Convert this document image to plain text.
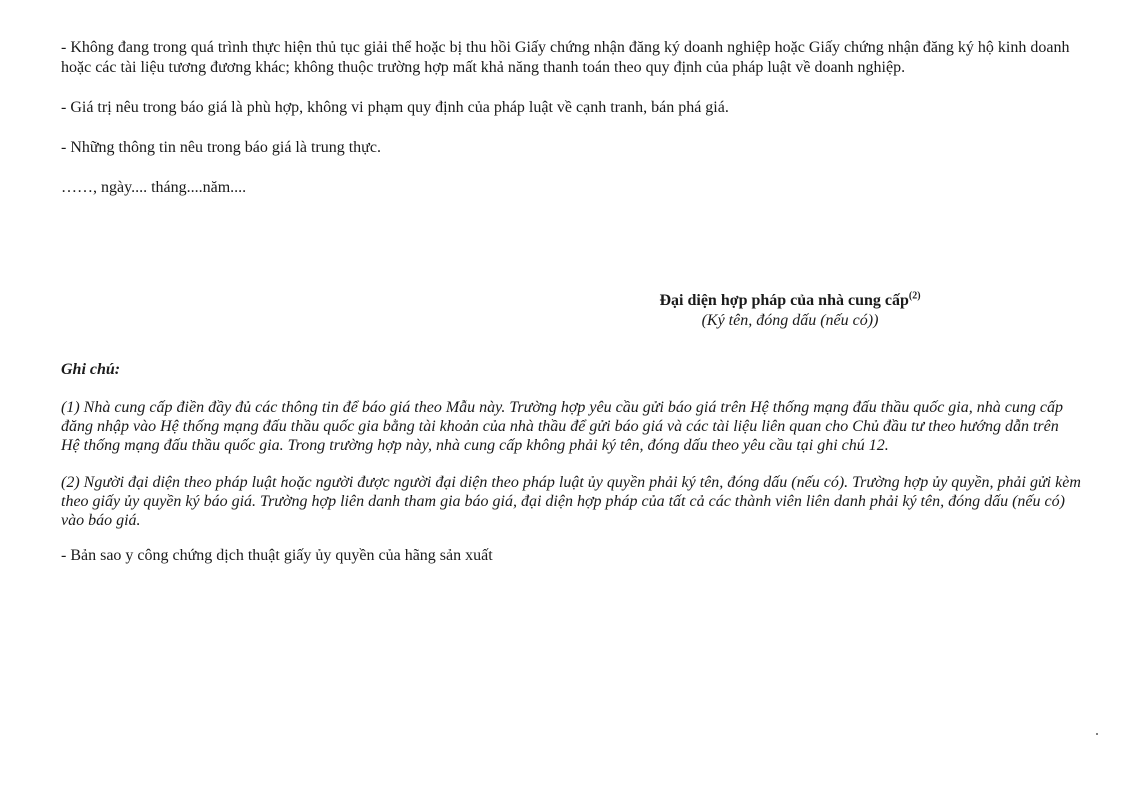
- Không đang trong quá trình thực hiện thủ tục giải thể hoặc bị thu hồi Giấy chứng nhận đăng ký doanh nghiệp hoặc Giấy chứng nhận đăng ký hộ kinh doanh hoặc các tài liệu tương đương khác; không thuộc trường hợp mất khả năng thanh toán theo quy định của pháp luật về doanh nghiệp.

- Giá trị nêu trong báo giá là phù hợp, không vi phạm quy định của pháp luật về cạnh tranh, bán phá giá.

- Những thông tin nêu trong báo giá là trung thực.

……, ngày.... tháng....năm....

Đại diện hợp pháp của nhà cung cấp$^{(2)}$
(Ký tên, đóng dấu (nếu có))

Ghi chú:

(1) Nhà cung cấp điền đầy đủ các thông tin để báo giá theo Mẫu này. Trường hợp yêu cầu gửi báo giá trên Hệ thống mạng đấu thầu quốc gia, nhà cung cấp đăng nhập vào Hệ thống mạng đấu thầu quốc gia bằng tài khoản của nhà thầu để gửi báo giá và các tài liệu liên quan cho Chủ đầu tư theo hướng dẫn trên Hệ thống mạng đấu thầu quốc gia. Trong trường hợp này, nhà cung cấp không phải ký tên, đóng dấu theo yêu cầu tại ghi chú 12.

(2) Người đại diện theo pháp luật hoặc người được người đại diện theo pháp luật ủy quyền phải ký tên, đóng dấu (nếu có). Trường hợp ủy quyền, phải gửi kèm theo giấy ủy quyền ký báo giá. Trường hợp liên danh tham gia báo giá, đại diện hợp pháp của tất cả các thành viên liên danh phải ký tên, đóng dấu (nếu có) vào báo giá.

- Bản sao y công chứng dịch thuật giấy ủy quyền của hãng sản xuất
